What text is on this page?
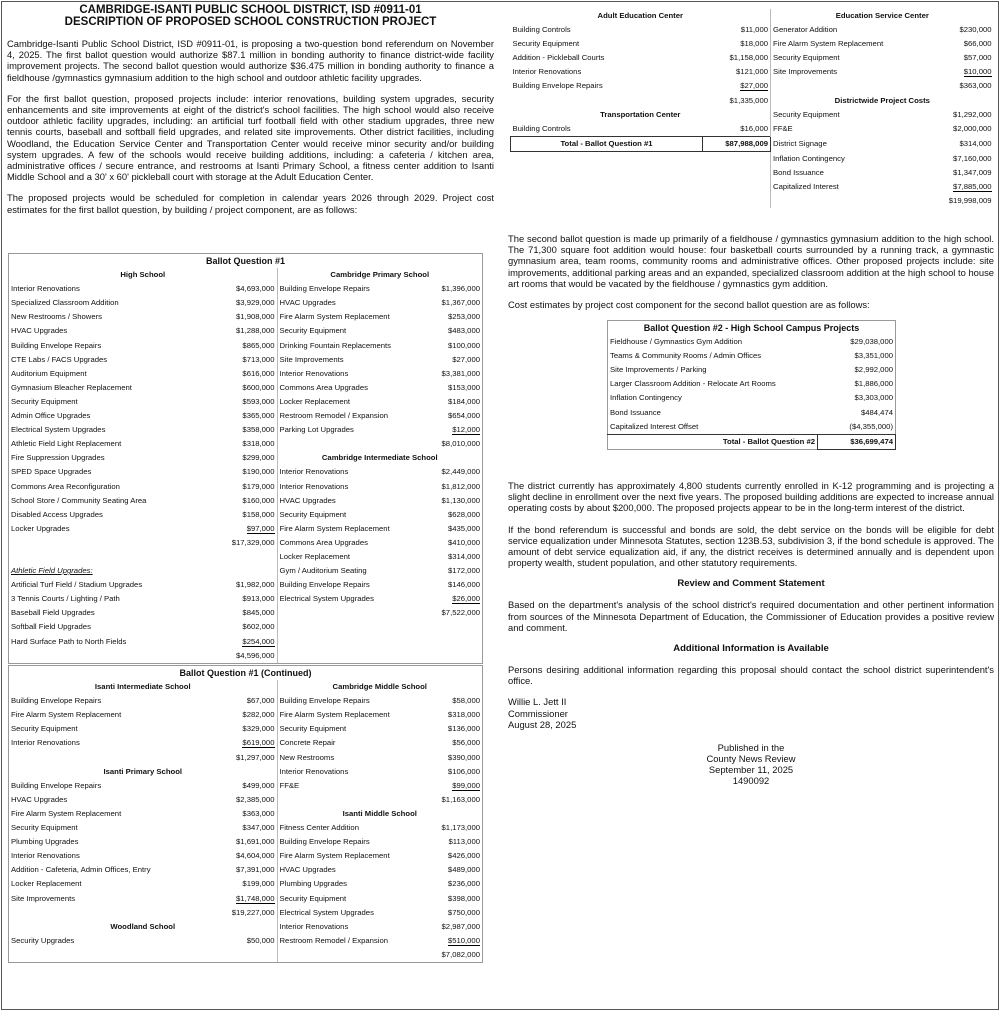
CAMBRIDGE-ISANTI PUBLIC SCHOOL DISTRICT, ISD #0911-01
DESCRIPTION OF PROPOSED SCHOOL CONSTRUCTION PROJECT

Cambridge-Isanti Public School District, ISD #0911-01, is proposing a two-question bond referendum on November 4, 2025. The first ballot question would authorize $87.1 million in bonding authority to finance district-wide facility improvement projects. The second ballot question would authorize $36.475 million in bonding authority to finance a fieldhouse /gymnastics gymnasium addition to the high school and outdoor athletic facility upgrades.

For the first ballot question, proposed projects include: interior renovations, building system upgrades, security enhancements and site improvements at eight of the district's school facilities. The high school would also receive outdoor athletic facility upgrades, including: an artificial turf football field with other stadium upgrades, three new tennis courts, baseball and softball field upgrades, and related site improvements. Other district facilities, including Woodland, the Education Service Center and Transportation Center would receive minor security and/or building system upgrades. A few of the schools would receive building additions, including: a cafeteria / kitchen area, administrative offices / secure entrance, and restrooms at Isanti Primary School, a fitness center addition to Isanti Middle School and a 30' x 60' pickleball court with storage at the Adult Education Center.

The proposed projects would be scheduled for completion in calendar years 2026 through 2029. Project cost estimates for the first ballot question, by building / project component, are as follows:

Ballot Question #1			
High School		Cambridge Primary School	
Interior Renovations	$4,693,000	Building Envelope Repairs	$1,396,000
Specialized Classroom Addition	$3,929,000	HVAC Upgrades	$1,367,000
New Restrooms / Showers	$1,908,000	Fire Alarm System Replacement	$253,000
HVAC Upgrades	$1,288,000	Security Equipment	$483,000
Building Envelope Repairs	$865,000	Drinking Fountain Replacements	$100,000
CTE Labs / FACS Upgrades	$713,000	Site Improvements	$27,000
Auditorium Equipment	$616,000	Interior Renovations	$3,381,000
Gymnasium Bleacher Replacement	$600,000	Commons Area Upgrades	$153,000
Security Equipment	$593,000	Locker Replacement	$184,000
Admin Office Upgrades	$365,000	Restroom Remodel / Expansion	$654,000
Electrical System Upgrades	$358,000	Parking Lot Upgrades	$12,000
Athletic Field Light Replacement	$318,000		$8,010,000
Fire Suppression Upgrades	$299,000	Cambridge Intermediate School	
SPED Space Upgrades	$190,000	Interior Renovations	$2,449,000
Commons Area Reconfiguration	$179,000	Interior Renovations	$1,812,000
School Store / Community Seating Area	$160,000	HVAC Upgrades	$1,130,000
Disabled Access Upgrades	$158,000	Security Equipment	$628,000
Locker Upgrades	$97,000	Fire Alarm System Replacement	$435,000
	$17,329,000	Commons Area Upgrades	$410,000
		Locker Replacement	$314,000
Athletic Field Upgrades:		Gym / Auditorium Seating	$172,000
Artificial Turf Field / Stadium Upgrades	$1,982,000	Building Envelope Repairs	$146,000
3 Tennis Courts / Lighting / Path	$913,000	Electrical System Upgrades	$26,000
Baseball Field Upgrades	$845,000		$7,522,000
Softball Field Upgrades	$602,000		
Hard Surface Path to North Fields	$254,000		
	$4,596,000		
Ballot Question #1 (Continued)			
Isanti Intermediate School		Cambridge Middle School	
Building Envelope Repairs	$67,000	Building Envelope Repairs	$58,000
Fire Alarm System Replacement	$282,000	Fire Alarm System Replacement	$318,000
Security Equipment	$329,000	Security Equipment	$136,000
Interior Renovations	$619,000	Concrete Repair	$56,000
	$1,297,000	New Restrooms	$390,000
Isanti Primary School		Interior Renovations	$106,000
Building Envelope Repairs	$499,000	FF&E	$99,000
HVAC Upgrades	$2,385,000		$1,163,000
Fire Alarm System Replacement	$363,000	Isanti Middle School	
Security Equipment	$347,000	Fitness Center Addition	$1,173,000
Plumbing Upgrades	$1,691,000	Building Envelope Repairs	$113,000
Interior Renovations	$4,604,000	Fire Alarm System Replacement	$426,000
Addition - Cafeteria, Admin Offices, Entry	$7,391,000	HVAC Upgrades	$489,000
Locker Replacement	$199,000	Plumbing Upgrades	$236,000
Site Improvements	$1,748,000	Security Equipment	$398,000
	$19,227,000	Electrical System Upgrades	$750,000
Woodland School		Interior Renovations	$2,987,000
Security Upgrades	$50,000	Restroom Remodel / Expansion	$510,000
			$7,082,000
Adult Education Center		Education Service Center	
Building Controls	$11,000	Generator Addition	$230,000
Security Equipment	$18,000	Fire Alarm System Replacement	$66,000
Addition - Pickleball Courts	$1,158,000	Security Equipment	$57,000
Interior Renovations	$121,000	Site Improvements	$10,000
Building Envelope Repairs	$27,000		$363,000
	$1,335,000	Districtwide Project Costs	
Transportation Center		Security Equipment	$1,292,000
Building Controls	$16,000	FF&E	$2,000,000
Total - Ballot Question #1	$87,988,009	District Signage	$314,000
		Inflation Contingency	$7,160,000
		Bond Issuance	$1,347,009
		Capitalized Interest	$7,885,000
			$19,998,009

The second ballot question is made up primarily of a fieldhouse / gymnastics gymnasium addition to the high school. The 71,300 square foot addition would house: four basketball courts surrounded by a running track, a gymnastic gymnasium area, team rooms, community rooms and administrative offices. Other proposed projects include: site improvements, additional parking areas and an expanded, specialized classroom addition at the high school to house art rooms that would be vacated by the fieldhouse / gymnastics gym addition.

Cost estimates by project cost component for the second ballot question are as follows:

Ballot Question #2 - High School Campus Projects	
Fieldhouse / Gymnastics Gym Addition	$29,038,000
Teams & Community Rooms / Admin Offices	$3,351,000
Site Improvements / Parking	$2,992,000
Larger Classroom Addition - Relocate Art Rooms	$1,886,000
Inflation Contingency	$3,303,000
Bond Issuance	$484,474
Capitalized Interest Offset	($4,355,000)
Total - Ballot Question #2	$36,699,474

The district currently has approximately 4,800 students currently enrolled in K-12 programming and is projecting a slight decline in enrollment over the next five years. The proposed building additions are expected to increase annual operating costs by about $200,000. The proposed projects appear to be in the long-term interest of the district.

If the bond referendum is successful and bonds are sold, the debt service on the bonds will be eligible for debt service equalization under Minnesota Statutes, section 123B.53, subdivision 3, if the bond schedule is approved. The amount of debt service equalization aid, if any, the district receives is determined annually and is dependent upon property wealth, student population, and other statutory requirements.

Review and Comment Statement

Based on the department's analysis of the school district's required documentation and other pertinent information from sources of the Minnesota Department of Education, the Commissioner of Education provides a positive review and comment.

Additional Information is Available

Persons desiring additional information regarding this proposal should contact the school district superintendent's office.

Willie L. Jett II

Commissioner

August 28, 2025

Published in the
County News Review
September 11, 2025
1490092
